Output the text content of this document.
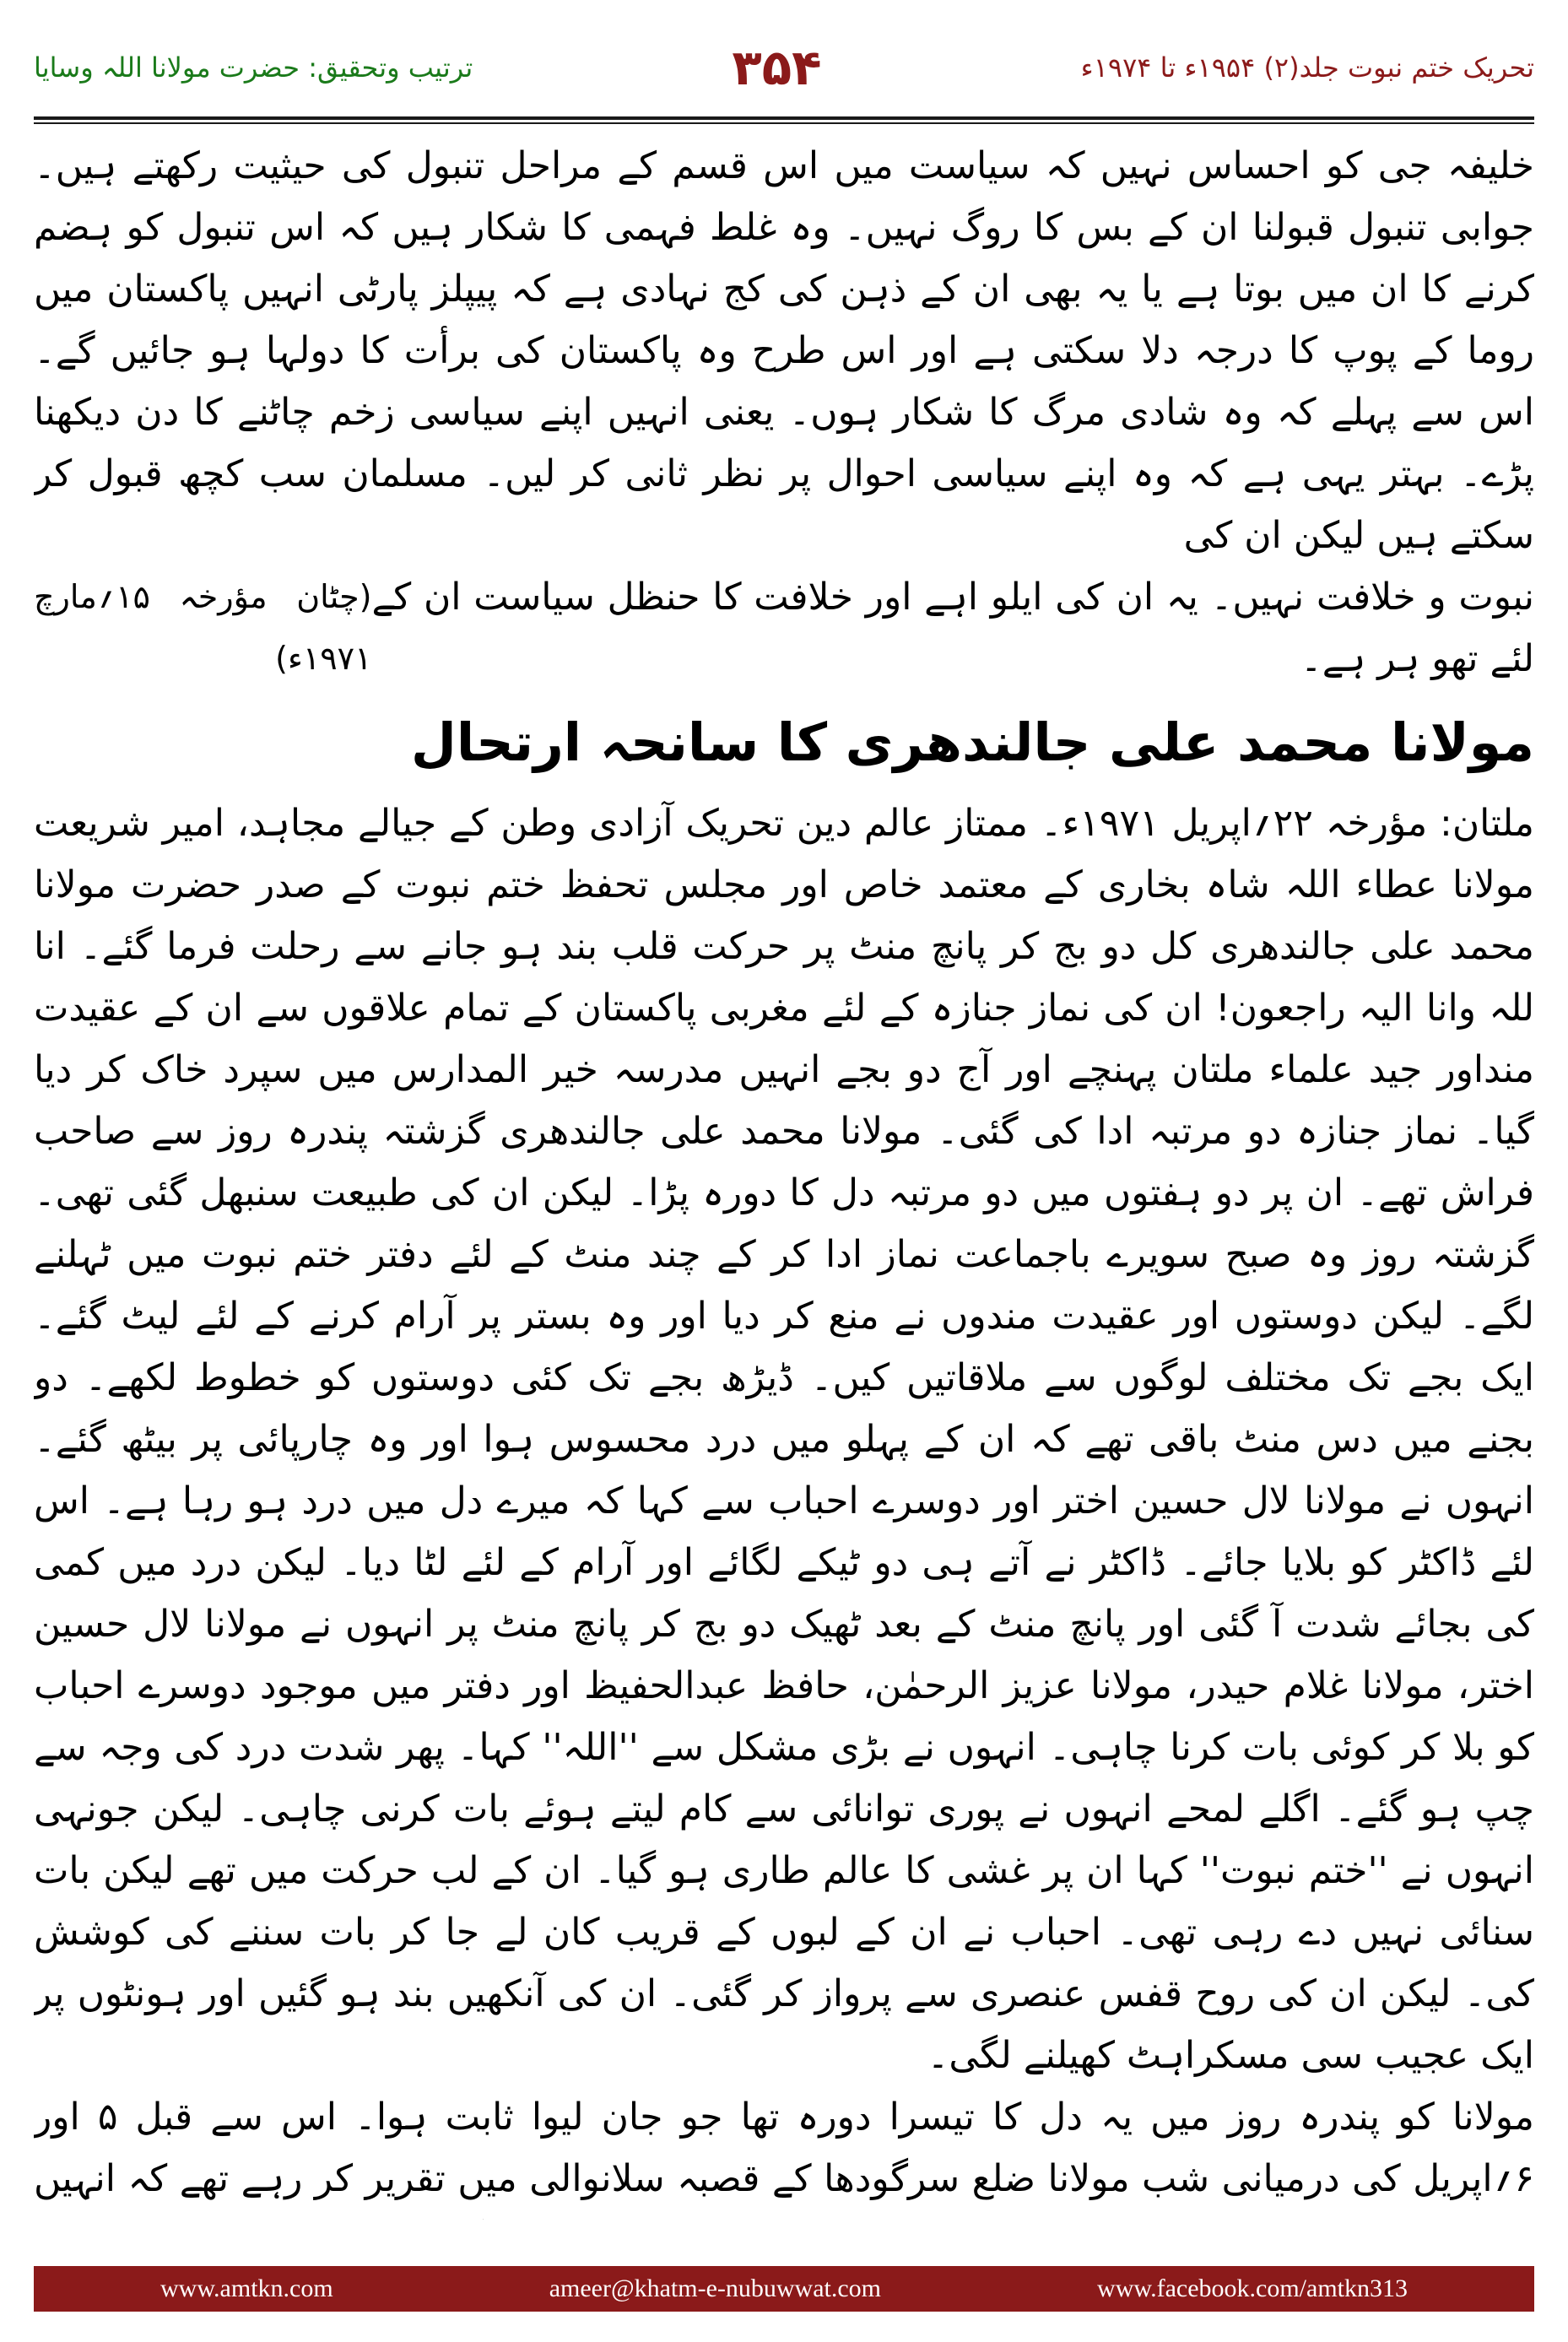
ترتیب وتحقیق: حضرت مولانا اللہ وسایا	۳۵۴	تحریک ختم نبوت جلد(۲) ۱۹۵۴ء تا ۱۹۷۴ء

خلیفہ جی کو احساس نہیں کہ سیاست میں اس قسم کے مراحل تنبول کی حیثیت رکھتے ہیں۔ جوابی تنبول قبولنا ان کے بس کا روگ نہیں۔ وہ غلط فہمی کا شکار ہیں کہ اس تنبول کو ہضم کرنے کا ان میں بوتا ہے یا یہ بھی ان کے ذہن کی کج نہادی ہے کہ پیپلز پارٹی انہیں پاکستان میں روما کے پوپ کا درجہ دلا سکتی ہے اور اس طرح وہ پاکستان کی برأت کا دولہا ہو جائیں گے۔ اس سے پہلے کہ وہ شادی مرگ کا شکار ہوں۔ یعنی انہیں اپنے سیاسی زخم چاٹنے کا دن دیکھنا پڑے۔ بہتر یہی ہے کہ وہ اپنے سیاسی احوال پر نظر ثانی کر لیں۔ مسلمان سب کچھ قبول کر سکتے ہیں لیکن ان کی

نبوت و خلافت نہیں۔ یہ ان کی ایلو اہے اور خلافت کا حنظل سیاست ان کے لئے تھو ہر ہے۔
(چٹان مؤرخہ ۱۵؍مارچ ۱۹۷۱ء)
مولانا محمد علی جالندھری کا سانحہ ارتحال

ملتان: مؤرخہ ۲۲؍اپریل ۱۹۷۱ء۔ ممتاز عالم دین تحریک آزادی وطن کے جیالے مجاہد، امیر شریعت مولانا عطاء اللہ شاہ بخاری کے معتمد خاص اور مجلس تحفظ ختم نبوت کے صدر حضرت مولانا محمد علی جالندھری کل دو بج کر پانچ منٹ پر حرکت قلب بند ہو جانے سے رحلت فرما گئے۔ انا للہ وانا الیہ راجعون! ان کی نماز جنازہ کے لئے مغربی پاکستان کے تمام علاقوں سے ان کے عقیدت منداور جید علماء ملتان پہنچے اور آج دو بجے انہیں مدرسہ خیر المدارس میں سپرد خاک کر دیا گیا۔ نماز جنازہ دو مرتبہ ادا کی گئی۔ مولانا محمد علی جالندھری گزشتہ پندرہ روز سے صاحب فراش تھے۔ ان پر دو ہفتوں میں دو مرتبہ دل کا دورہ پڑا۔ لیکن ان کی طبیعت سنبھل گئی تھی۔ گزشتہ روز وہ صبح سویرے باجماعت نماز ادا کر کے چند منٹ کے لئے دفتر ختم نبوت میں ٹہلنے لگے۔ لیکن دوستوں اور عقیدت مندوں نے منع کر دیا اور وہ بستر پر آرام کرنے کے لئے لیٹ گئے۔ ایک بجے تک مختلف لوگوں سے ملاقاتیں کیں۔ ڈیڑھ بجے تک کئی دوستوں کو خطوط لکھے۔ دو بجنے میں دس منٹ باقی تھے کہ ان کے پہلو میں درد محسوس ہوا اور وہ چارپائی پر بیٹھ گئے۔ انہوں نے مولانا لال حسین اختر اور دوسرے احباب سے کہا کہ میرے دل میں درد ہو رہا ہے۔ اس لئے ڈاکٹر کو بلایا جائے۔ ڈاکٹر نے آتے ہی دو ٹیکے لگائے اور آرام کے لئے لٹا دیا۔ لیکن درد میں کمی کی بجائے شدت آ گئی اور پانچ منٹ کے بعد ٹھیک دو بج کر پانچ منٹ پر انہوں نے مولانا لال حسین اختر، مولانا غلام حیدر، مولانا عزیز الرحمٰن، حافظ عبدالحفیظ اور دفتر میں موجود دوسرے احباب کو بلا کر کوئی بات کرنا چاہی۔ انہوں نے بڑی مشکل سے ''اللہ'' کہا۔ پھر شدت درد کی وجہ سے چپ ہو گئے۔ اگلے لمحے انہوں نے پوری توانائی سے کام لیتے ہوئے بات کرنی چاہی۔ لیکن جونہی انہوں نے ''ختم نبوت'' کہا ان پر غشی کا عالم طاری ہو گیا۔ ان کے لب حرکت میں تھے لیکن بات سنائی نہیں دے رہی تھی۔ احباب نے ان کے لبوں کے قریب کان لے جا کر بات سننے کی کوشش کی۔ لیکن ان کی روح قفس عنصری سے پرواز کر گئی۔ ان کی آنکھیں بند ہو گئیں اور ہونٹوں پر ایک عجیب سی مسکراہٹ کھیلنے لگی۔

مولانا کو پندرہ روز میں یہ دل کا تیسرا دورہ تھا جو جان لیوا ثابت ہوا۔ اس سے قبل ۵ اور ۶؍اپریل کی درمیانی شب مولانا ضلع سرگودھا کے قصبہ سلانوالی میں تقریر کر رہے تھے کہ انہیں

www.amtkn.com	ameer@khatm-e-nubuwwat.com	www.facebook.com/amtkn313
